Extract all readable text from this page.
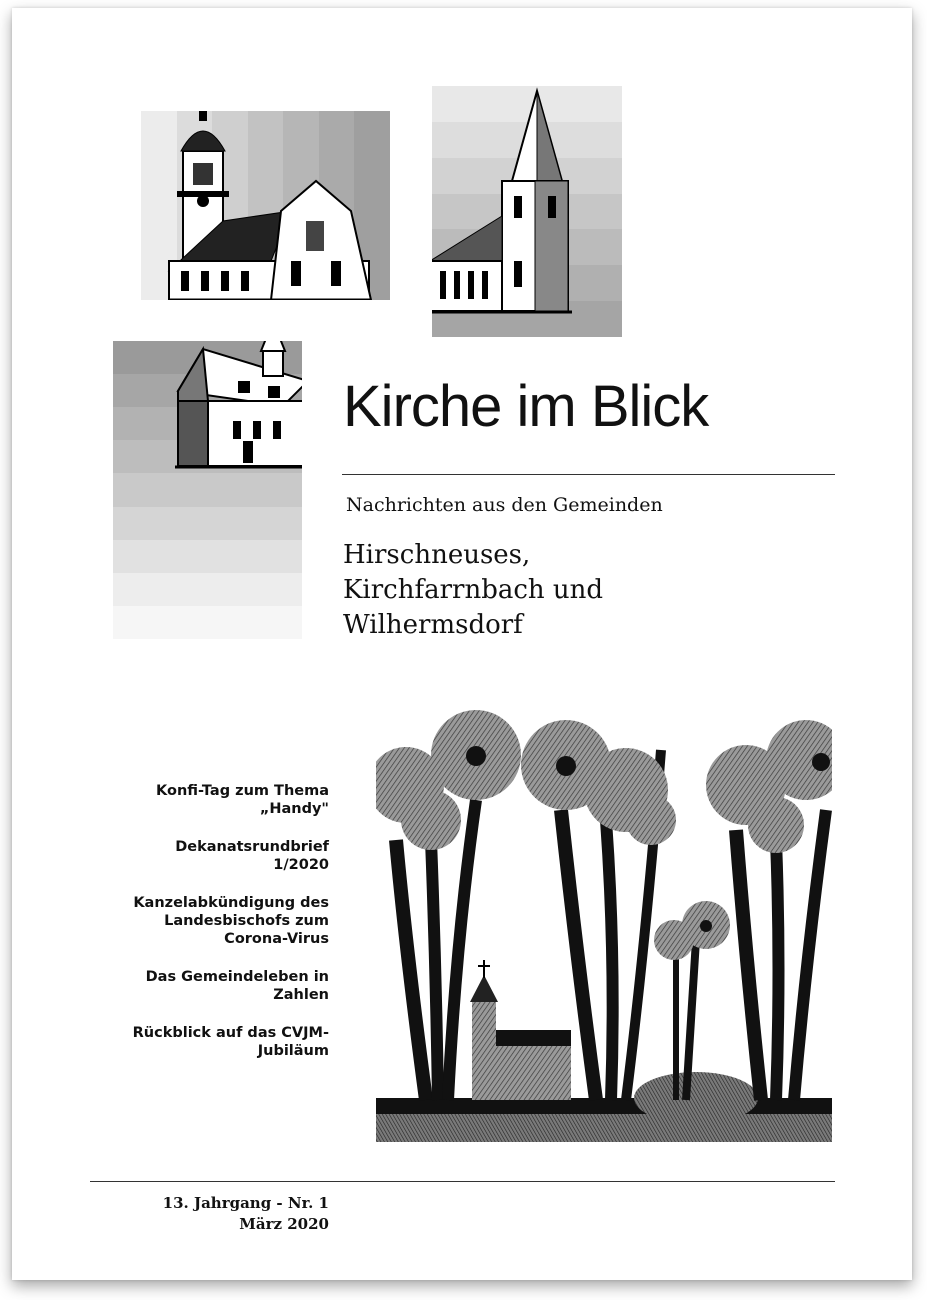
Kirche im Blick
Nachrichten aus den Gemeinden
Hirschneuses,
Kirchfarrnbach und
Wilhermsdorf
Konfi-Tag zum Thema
„Handy"
Dekanatsrundbrief
1/2020
Kanzelabkündigung des
Landesbischofs zum
Corona-Virus
Das Gemeindeleben in
Zahlen
Rückblick auf das CVJM-
Jubiläum
13. Jahrgang - Nr. 1
März 2020
